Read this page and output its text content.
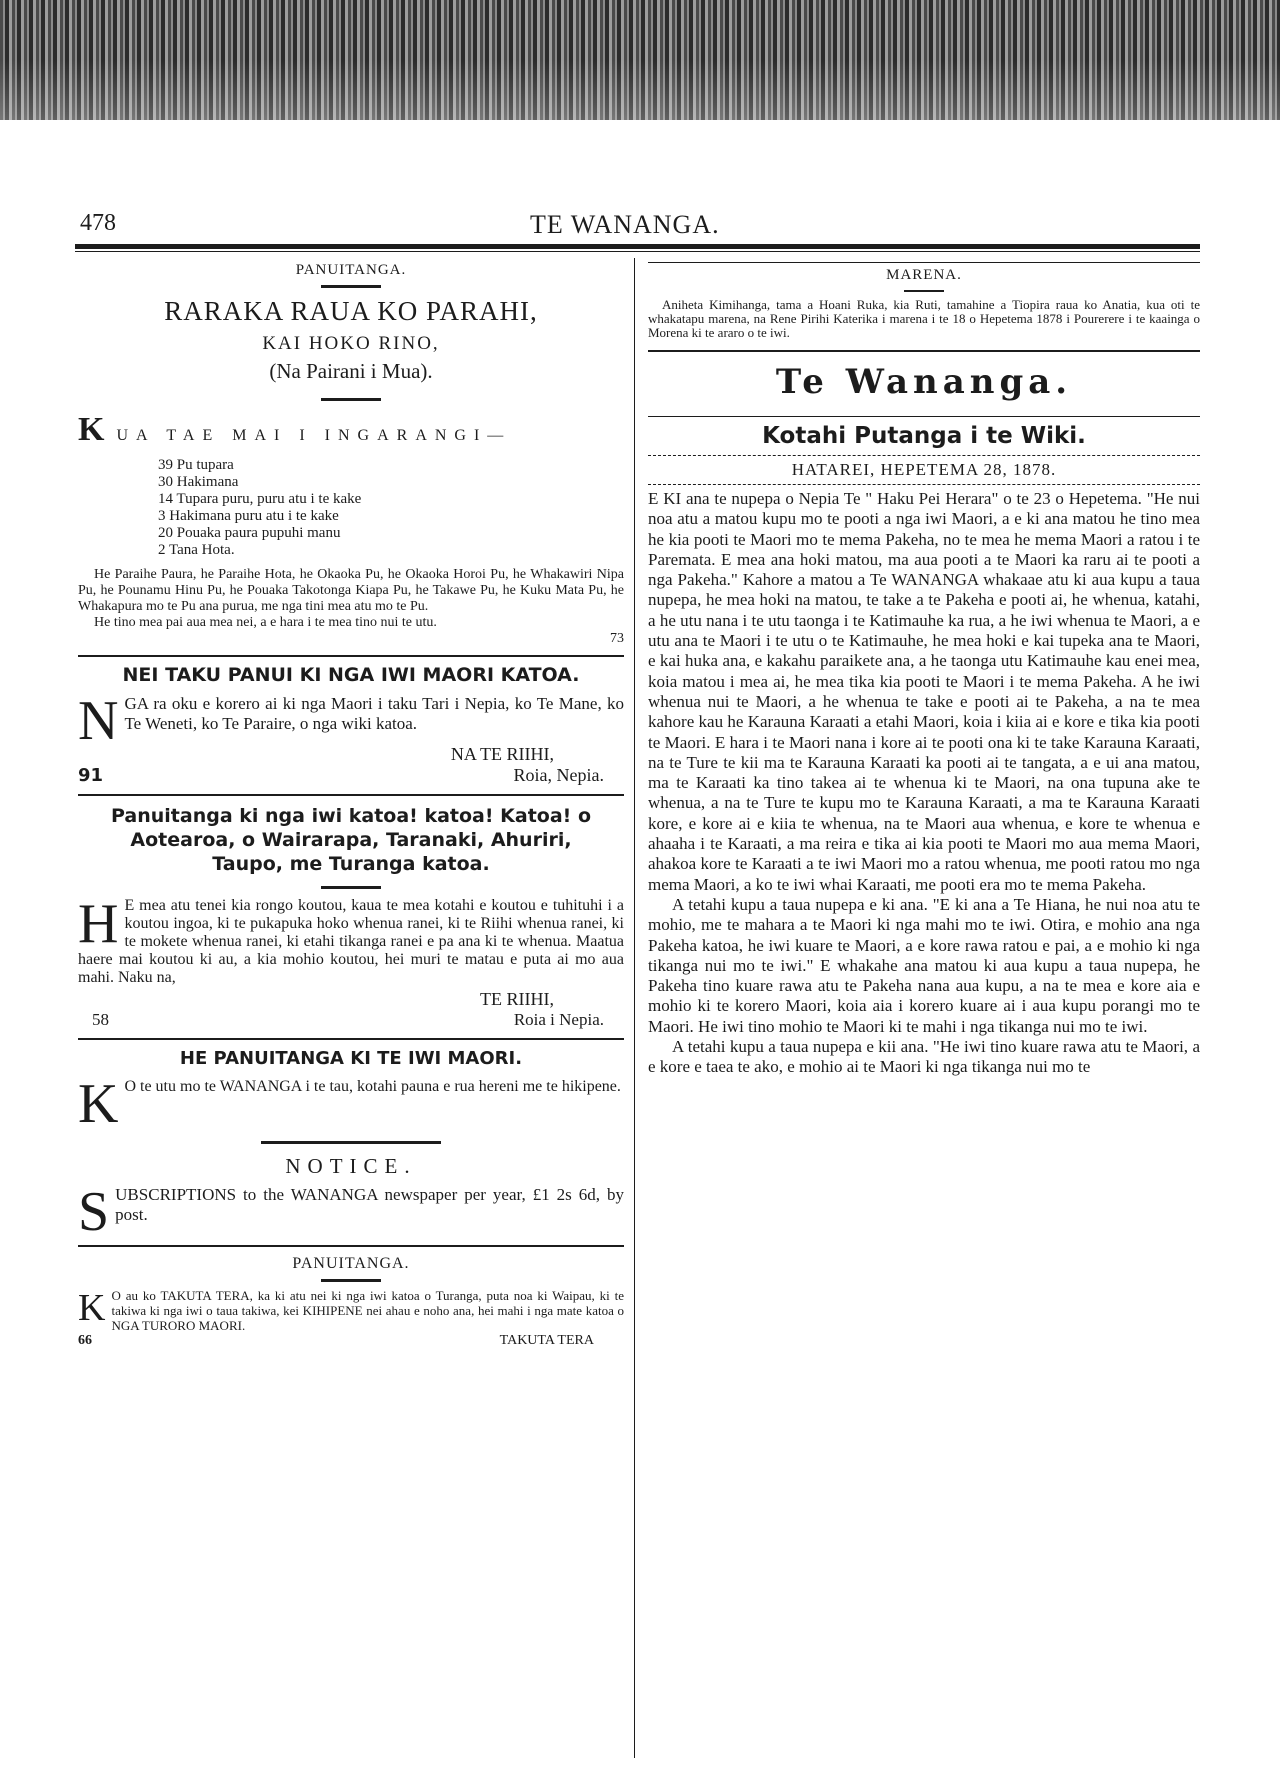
478	TE WANANGA.
PANUITANGA.
RARAKA RAUA KO PARAHI,
KAI HOKO RINO,
(Na Pairani i Mua).
K UA TAE MAI I INGARANGI—
39 Pu tupara
30 Hakimana
14 Tupara puru, puru atu i te kake
3 Hakimana puru atu i te kake
20 Pouaka paura pupuhi manu
2 Tana Hota.

He Paraihe Paura, he Paraihe Hota, he Okaoka Pu, he Okaoka Horoi Pu, he Whakawiri Nipa Pu, he Pounamu Hinu Pu, he Pouaka Takotonga Kiapa Pu, he Takawe Pu, he Kuku Mata Pu, he Whakapura mo te Pu ana purua, me nga tini mea atu mo te Pu.

He tino mea pai aua mea nei, a e hara i te mea tino nui te utu.

73
NEI TAKU PANUI KI NGA IWI MAORI KATOA.
N GA ra oku e korero ai ki nga Maori i taku Tari i Nepia, ko Te Mane, ko Te Weneti, ko Te Paraire, o nga wiki katoa.
NA TE RIIHI,
91	Roia, Nepia.
Panuitanga ki nga iwi katoa! katoa! Katoa! o Aotearoa, o Wairarapa, Taranaki, Ahuriri, Taupo, me Turanga katoa.
H E mea atu tenei kia rongo koutou, kaua te mea kotahi e koutou e tuhituhi i a koutou ingoa, ki te pukapuka hoko whenua ranei, ki te Riihi whenua ranei, ki te mokete whenua ranei, ki etahi tikanga ranei e pa ana ki te whenua. Maatua haere mai koutou ki au, a kia mohio koutou, hei muri te matau e puta ai mo aua mahi. Naku na,
TE RIIHI,
58	Roia i Nepia.
HE PANUITANGA KI TE IWI MAORI.
K O te utu mo te WANANGA i te tau, kotahi pauna e rua hereni me te hikipene.
NOTICE.
S UBSCRIPTIONS to the WANANGA newspaper per year, £1 2s 6d, by post.
PANUITANGA.
K O au ko TAKUTA TERA, ka ki atu nei ki nga iwi katoa o Turanga, puta noa ki Waipau, ki te takiwa ki nga iwi o taua takiwa, kei KIHIPENE nei ahau e noho ana, hei mahi i nga mate katoa o NGA TURORO MAORI.
66	TAKUTA TERA
MARENA.

Aniheta Kimihanga, tama a Hoani Ruka, kia Ruti, tamahine a Tiopira raua ko Anatia, kua oti te whakatapu marena, na Rene Pirihi Katerika i marena i te 18 o Hepetema 1878 i Pourerere i te kaainga o Morena ki te araro o te iwi.

Te Wananga.
Kotahi Putanga i te Wiki.
HATAREI, HEPETEMA 28, 1878.

E KI ana te nupepa o Nepia Te " Haku Pei Herara" o te 23 o Hepetema. "He nui noa atu a matou kupu mo te pooti a nga iwi Maori, a e ki ana matou he tino mea he kia pooti te Maori mo te mema Pakeha, no te mea he mema Maori a ratou i te Paremata. E mea ana hoki matou, ma aua pooti a te Maori ka raru ai te pooti a nga Pakeha." Kahore a matou a Te WANANGA whakaae atu ki aua kupu a taua nupepa, he mea hoki na matou, te take a te Pakeha e pooti ai, he whenua, katahi, a he utu nana i te utu taonga i te Katimauhe ka rua, a he iwi whenua te Maori, a e utu ana te Maori i te utu o te Katimauhe, he mea hoki e kai tupeka ana te Maori, e kai huka ana, e kakahu paraikete ana, a he taonga utu Katimauhe kau enei mea, koia matou i mea ai, he mea tika kia pooti te Maori i te mema Pakeha. A he iwi whenua nui te Maori, a he whenua te take e pooti ai te Pakeha, a na te mea kahore kau he Karauna Karaati a etahi Maori, koia i kiia ai e kore e tika kia pooti te Maori. E hara i te Maori nana i kore ai te pooti ona ki te take Karauna Karaati, na te Ture te kii ma te Karauna Karaati ka pooti ai te tangata, a e ui ana matou, ma te Karaati ka tino takea ai te whenua ki te Maori, na ona tupuna ake te whenua, a na te Ture te kupu mo te Karauna Karaati, a ma te Karauna Karaati kore, e kore ai e kiia te whenua, na te Maori aua whenua, e kore te whenua e ahaaha i te Karaati, a ma reira e tika ai kia pooti te Maori mo aua mema Maori, ahakoa kore te Karaati a te iwi Maori mo a ratou whenua, me pooti ratou mo nga mema Maori, a ko te iwi whai Karaati, me pooti era mo te mema Pakeha.

A tetahi kupu a taua nupepa e ki ana. "E ki ana a Te Hiana, he nui noa atu te mohio, me te mahara a te Maori ki nga mahi mo te iwi. Otira, e mohio ana nga Pakeha katoa, he iwi kuare te Maori, a e kore rawa ratou e pai, a e mohio ki nga tikanga nui mo te iwi." E whakahe ana matou ki aua kupu a taua nupepa, he Pakeha tino kuare rawa atu te Pakeha nana aua kupu, a na te mea e kore aia e mohio ki te korero Maori, koia aia i korero kuare ai i aua kupu porangi mo te Maori. He iwi tino mohio te Maori ki te mahi i nga tikanga nui mo te iwi.

A tetahi kupu a taua nupepa e kii ana. "He iwi tino kuare rawa atu te Maori, a e kore e taea te ako, e mohio ai te Maori ki nga tikanga nui mo te
